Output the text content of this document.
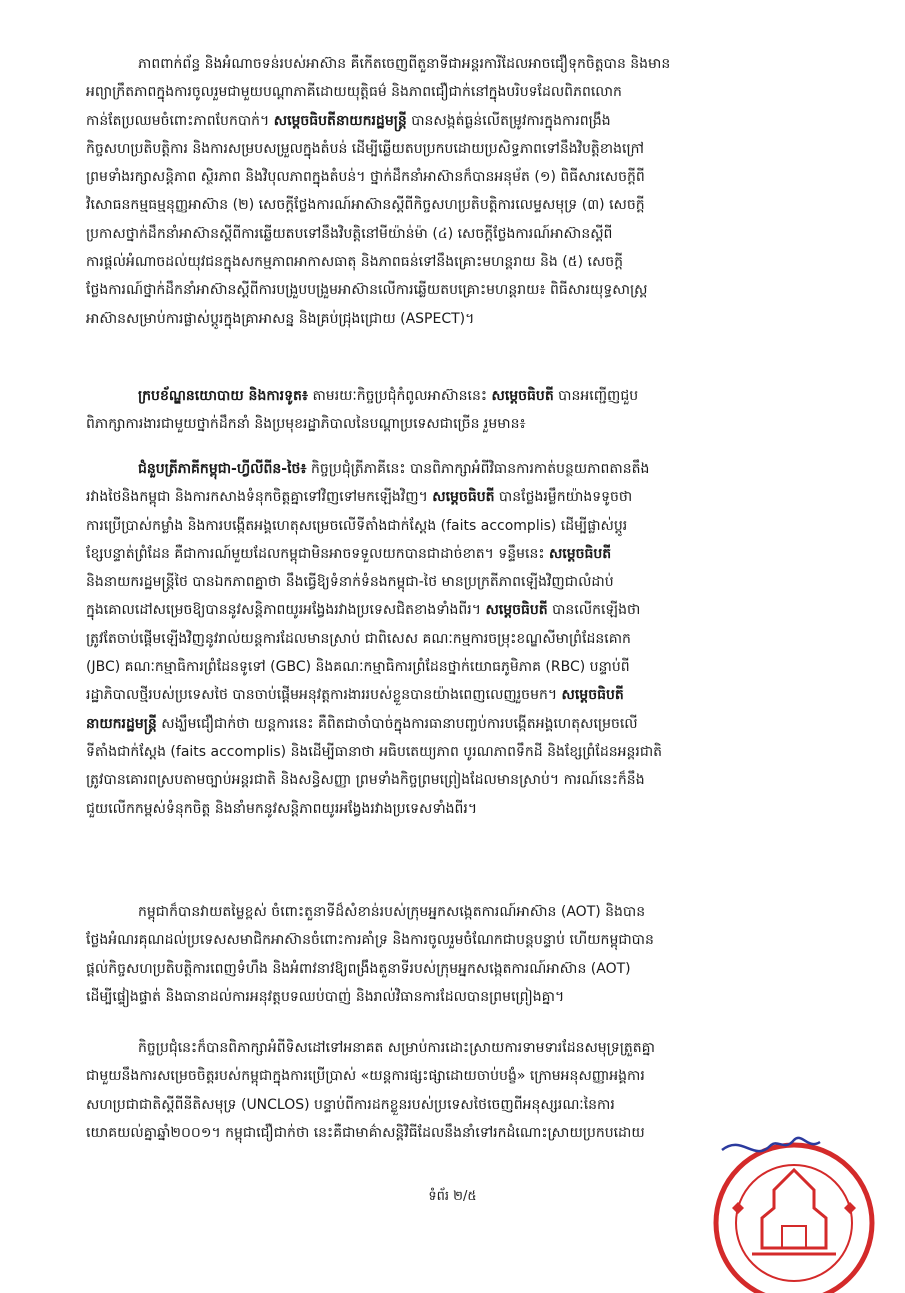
ភាពពាក់ព័ន្ធ និងអំណាចទន់របស់អាស៊ាន គឺកើតចេញពីតួនាទីជាអន្តរការីដែលអាចជឿទុកចិត្តបាន និងមាន
អព្យាក្រឹតភាពក្នុងការចូលរួមជាមួយបណ្តាភាគីដោយយុត្តិធម៌ និងភាពជឿជាក់នៅក្នុងបរិបទដែលពិភពលោក
កាន់តែប្រឈមចំពោះភាពបែកបាក់។ សម្តេចធិបតីនាយករដ្ឋមន្ត្រី បានសង្កត់ធ្ងន់លើតម្រូវការក្នុងការពង្រឹង
កិច្ចសហប្រតិបត្តិការ និងការសម្របសម្រួលក្នុងតំបន់ ដើម្បីឆ្លើយតបប្រកបដោយប្រសិទ្ធភាពទៅនឹងវិបត្តិខាងក្រៅ
ព្រមទាំងរក្សាសន្តិភាព ស្ថិរភាព និងវិបុលភាពក្នុងតំបន់។ ថ្នាក់ដឹកនាំអាស៊ានក៏បានអនុម័ត (១) ពិធីសារសេចក្តីពី
វិសោធនកម្មធម្មនុញ្ញអាស៊ាន (២) សេចក្តីថ្លែងការណ៍អាស៊ានស្តីពីកិច្ចសហប្រតិបត្តិការលេម្ទសមុទ្រ (៣) សេចក្តី
ប្រកាសថ្នាក់ដឹកនាំអាស៊ានស្តីពីការឆ្លើយតបទៅនឹងវិបត្តិនៅមីយ៉ាន់ម៉ា (៤) សេចក្តីថ្លែងការណ៍អាស៊ានស្តីពី
ការផ្តល់អំណាចដល់យុវជនក្នុងសកម្មភាពអាកាសធាតុ និងភាពធន់ទៅនឹងគ្រោះមហន្តរាយ និង (៥) សេចក្តី
ថ្លែងការណ៍ថ្នាក់ដឹកនាំអាស៊ានស្តីពីការបង្រួបបង្រួមអាស៊ានលើការឆ្លើយតបគ្រោះមហន្តរាយ៖ ពិធីសារយុទ្ធសាស្ត្រ
អាស៊ានសម្រាប់ការផ្លាស់ប្តូរក្នុងគ្រាអាសន្ន និងគ្រប់ជ្រុងជ្រោយ (ASPECT)។

ក្របខ័ណ្ឌនយោបាយ និងការទូត៖ តាមរយៈកិច្ចប្រជុំកំពូលអាស៊ាននេះ សម្តេចធិបតី បានអញ្ជើញជួប
ពិភាក្សាការងារជាមួយថ្នាក់ដឹកនាំ និងប្រមុខរដ្ឋាភិបាលនៃបណ្តាប្រទេសជាច្រើន រួមមាន៖

ជំនួបត្រីភាគីកម្ពុជា-ហ្វីលីពីន-ថៃ៖ កិច្ចប្រជុំត្រីភាគីនេះ បានពិភាក្សាអំពីវិធានការកាត់បន្ថយភាពតានតឹង
រវាងថៃនិងកម្ពុជា និងការកសាងទំនុកចិត្តគ្នាទៅវិញទៅមកឡើងវិញ។ សម្តេចធិបតី បានថ្លែងរម្លឹកយ៉ាងទទូចថា
ការប្រើប្រាស់កម្លាំង និងការបង្កើតអង្គហេតុសម្រេចលើទីតាំងជាក់ស្តែង (faits accomplis) ដើម្បីផ្លាស់ប្តូរ
ខ្សែបន្ទាត់ព្រំដែន គឺជាការណ៍មួយដែលកម្ពុជាមិនអាចទទួលយកបានជាដាច់ខាត។ ទន្ទឹមនេះ សម្តេចធិបតី
និងនាយករដ្ឋមន្ត្រីថៃ បានឯកភាពគ្នាថា នឹងធ្វើឱ្យទំនាក់ទំនងកម្ពុជា-ថៃ មានប្រក្រតីភាពឡើងវិញជាលំដាប់
ក្នុងគោលដៅសម្រេចឱ្យបាននូវសន្តិភាពយូរអង្វែងរវាងប្រទេសជិតខាងទាំងពីរ។ សម្តេចធិបតី បានលើកឡើងថា
ត្រូវតែចាប់ផ្តើមឡើងវិញនូវរាល់យន្តការដែលមានស្រាប់ ជាពិសេស គណៈកម្មការចម្រុះខណ្ឌសីមាព្រំដែនគោក
(JBC) គណៈកម្មាធិការព្រំដែនទូទៅ (GBC) និងគណៈកម្មាធិការព្រំដែនថ្នាក់យោធភូមិភាគ (RBC) បន្ទាប់ពី
រដ្ឋាភិបាលថ្មីរបស់ប្រទេសថៃ បានចាប់ផ្តើមអនុវត្តការងាររបស់ខ្លួនបានយ៉ាងពេញលេញរួចមក។ សម្តេចធិបតី
នាយករដ្ឋមន្ត្រី សង្ឃឹមជឿជាក់ថា យន្តការនេះ គឺពិតជាចាំបាច់ក្នុងការធានាបញ្ចប់ការបង្កើតអង្គហេតុសម្រេចលើ
ទីតាំងជាក់ស្តែង (faits accomplis) និងដើម្បីធានាថា អធិបតេយ្យភាព បូរណភាពទឹកដី និងខ្សែព្រំដែនអន្តរជាតិ
ត្រូវបានគោរពស្របតាមច្បាប់អន្តរជាតិ និងសន្ធិសញ្ញា ព្រមទាំងកិច្ចព្រមព្រៀងដែលមានស្រាប់។ ការណ៍នេះក៏នឹង
ជួយលើកកម្ពស់ទំនុកចិត្ត និងនាំមកនូវសន្តិភាពយូរអង្វែងរវាងប្រទេសទាំងពីរ។

កម្ពុជាក៏បានវាយតម្លៃខ្ពស់ ចំពោះតួនាទីដ៏សំខាន់របស់ក្រុមអ្នកសង្កេតការណ៍អាស៊ាន (AOT) និងបាន
ថ្លែងអំណរគុណដល់ប្រទេសសមាជិកអាស៊ានចំពោះការគាំទ្រ និងការចូលរួមចំណែកជាបន្តបន្ទាប់ ហើយកម្ពុជាបាន
ផ្តល់កិច្ចសហប្រតិបត្តិការពេញទំហឹង និងអំពាវនាវឱ្យពង្រឹងតួនាទីរបស់ក្រុមអ្នកសង្កេតការណ៍អាស៊ាន (AOT)
ដើម្បីផ្ទៀងផ្ទាត់ និងធានាដល់ការអនុវត្តបទឈប់បាញ់ និងរាល់វិធានការដែលបានព្រមព្រៀងគ្នា។

កិច្ចប្រជុំនេះក៏បានពិភាក្សាអំពីទិសដៅទៅអនាគត សម្រាប់ការដោះស្រាយការទាមទារដែនសមុទ្រត្រួតគ្នា
ជាមួយនឹងការសម្រេចចិត្តរបស់កម្ពុជាក្នុងការប្រើប្រាស់ «យន្តការផ្សះផ្សាដោយចាប់បង្ខំ» ក្រោមអនុសញ្ញាអង្គការ
សហប្រជាជាតិស្តីពីនីតិសមុទ្រ (UNCLOS) បន្ទាប់ពីការដកខ្លួនរបស់ប្រទេសថៃចេញពីអនុស្សរណៈនៃការ
យោគយល់គ្នាឆ្នាំ២០០១។ កម្ពុជាជឿជាក់ថា នេះគឺជាមាគ៌ាសន្តិវិធីដែលនឹងនាំទៅរកដំណោះស្រាយប្រកបដោយ

ទំព័រ ២/៥
